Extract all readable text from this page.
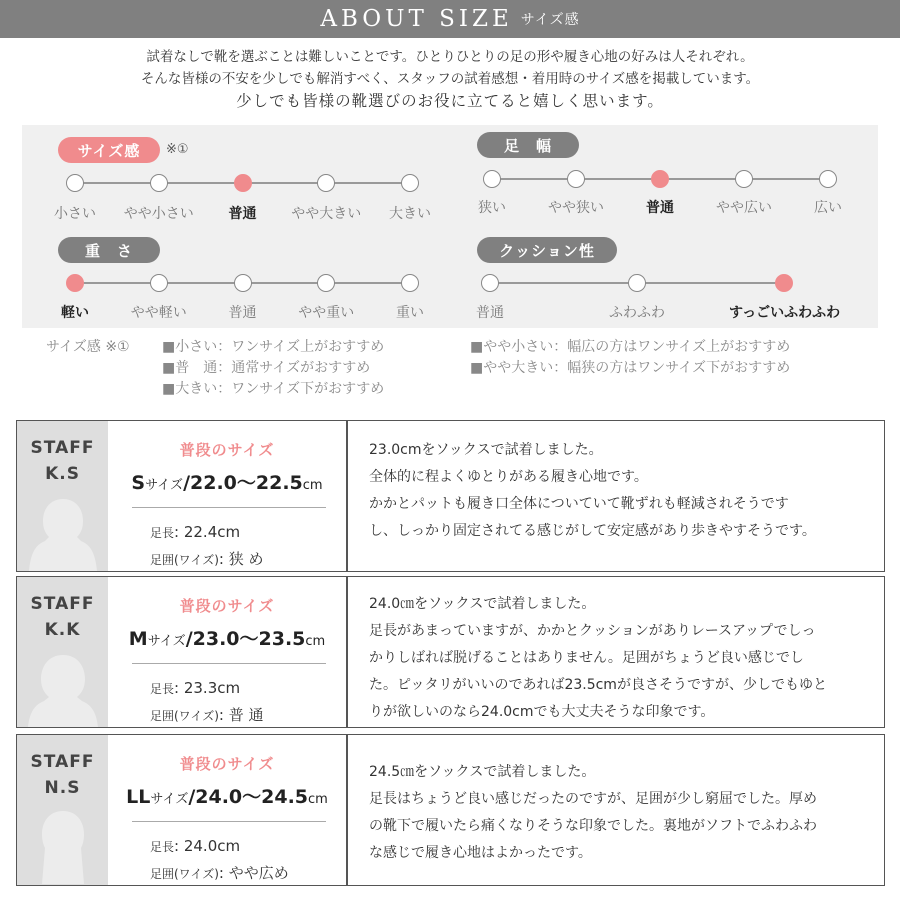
ABOUT SIZE サイズ感
試着なしで靴を選ぶことは難しいことです。ひとりひとりの足の形や履き心地の好みは人それぞれ。
そんな皆様の不安を少しでも解消すべく、スタッフの試着感想・着用時のサイズ感を掲載しています。
少しでも皆様の靴選びのお役に立てると嬉しく思います。
サイズ感	※①	足　幅
重　さ	クッション性
小さい	やや小さい	普通	やや大きい	大きい	狭い	やや狭い	普通	やや広い	広い
軽い	やや軽い	普通	やや重い	重い	普通	ふわふわ	すっごいふわふわ
サイズ感 ※① ■小さい：ワンサイズ上がおすすめ
■普　通：通常サイズがおすすめ
■大きい：ワンサイズ下がおすすめ
■やや小さい：幅広の方はワンサイズ上がおすすめ
■やや大きい：幅狭の方はワンサイズ下がおすすめ
STAFF
K.S
普段のサイズ
Sサイズ/22.0〜22.5cm
足長: 22.4cm
足囲(ワイズ): 狭 め
23.0cmをソックスで試着しました。
全体的に程よくゆとりがある履き心地です。
かかとパットも履き口全体についていて靴ずれも軽減されそうです
し、しっかり固定されてる感じがして安定感があり歩きやすそうです。
STAFF
K.K
普段のサイズ
Mサイズ/23.0〜23.5cm
足長: 23.3cm
足囲(ワイズ): 普 通
24.0㎝をソックスで試着しました。
足長があまっていますが、かかとクッションがありレースアップでしっ
かりしばれば脱げることはありません。足囲がちょうど良い感じでし
た。ピッタリがいいのであれば23.5cmが良さそうですが、少しでもゆと
りが欲しいのなら24.0cmでも大丈夫そうな印象です。
STAFF
N.S
普段のサイズ
LLサイズ/24.0〜24.5cm
足長: 24.0cm
足囲(ワイズ): やや広め
24.5㎝をソックスで試着しました。
足長はちょうど良い感じだったのですが、足囲が少し窮屈でした。厚め
の靴下で履いたら痛くなりそうな印象でした。裏地がソフトでふわふわ
な感じで履き心地はよかったです。
